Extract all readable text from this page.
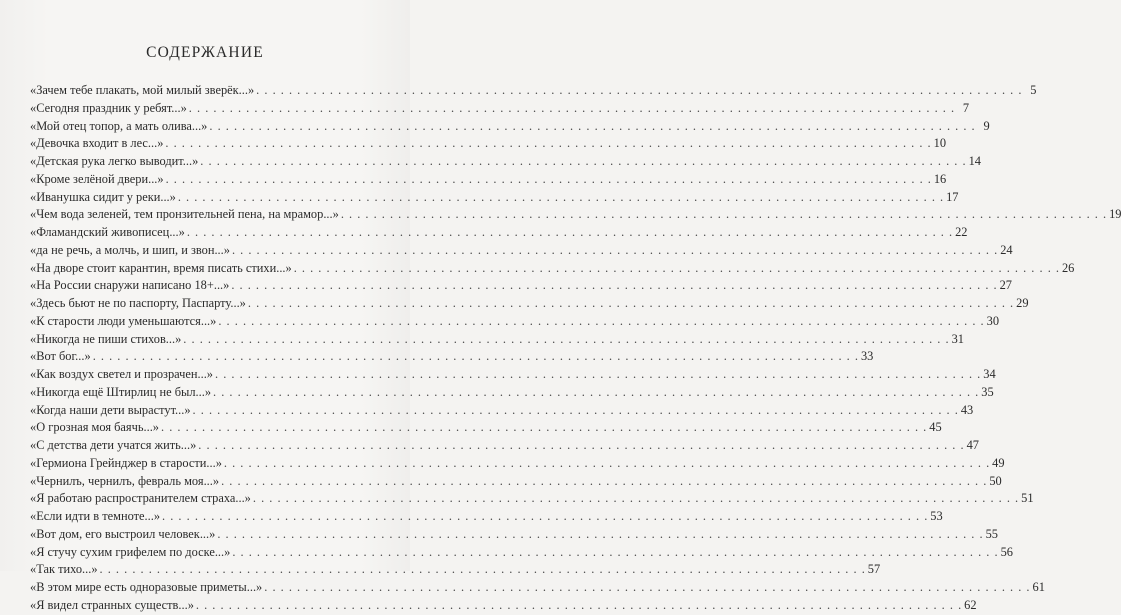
СОДЕРЖАНИЕ
«Зачем тебе плакать, мой милый зверёк...» . . .	5
«Сегодня праздник у ребят...» . . .	7
«Мой отец топор, а мать олива...» . . .	9
«Девочка входит в лес...» . . .	10
«Детская рука легко выводит...» . . .	14
«Кроме зелёной двери...» . . .	16
«Иванушка сидит у реки...» . . .	17
«Чем вода зеленей, тем пронзительней пена, на мрамор...» . . .	19
«Фламандский живописец...» . . .	22
«да не речь, а молчь, и шип, и звон...» . . .	24
«На дворе стоит карантин, время писать стихи...» . . .	26
«На России снаружи написано 18+...» . . .	27
«Здесь бьют не по паспорту, Паспарту...» . . .	29
«К старости люди уменьшаются...» . . .	30
«Никогда не пиши стихов...» . . .	31
«Вот бог...» . . .	33
«Как воздух светел и прозрачен...» . . .	34
«Никогда ещё Штирлиц не был...» . . .	35
«Когда наши дети вырастут...» . . .	43
«О грозная моя баячь...» . . .	45
«С детства дети учатся жить...» . . .	47
«Гермиона Грейнджер в старости...» . . .	49
«Чернилъ, чернилъ, февраль моя...» . . .	50
«Я работаю распространителем страха...» . . .	51
«Если идти в темноте...» . . .	53
«Вот дом, его выстроил человек...» . . .	55
«Я стучу сухим грифелем по доске...» . . .	56
«Так тихо...» . . .	57
«В этом мире есть одноразовые приметы...» . . .	61
«Я видел странных существ...» . . .	62
